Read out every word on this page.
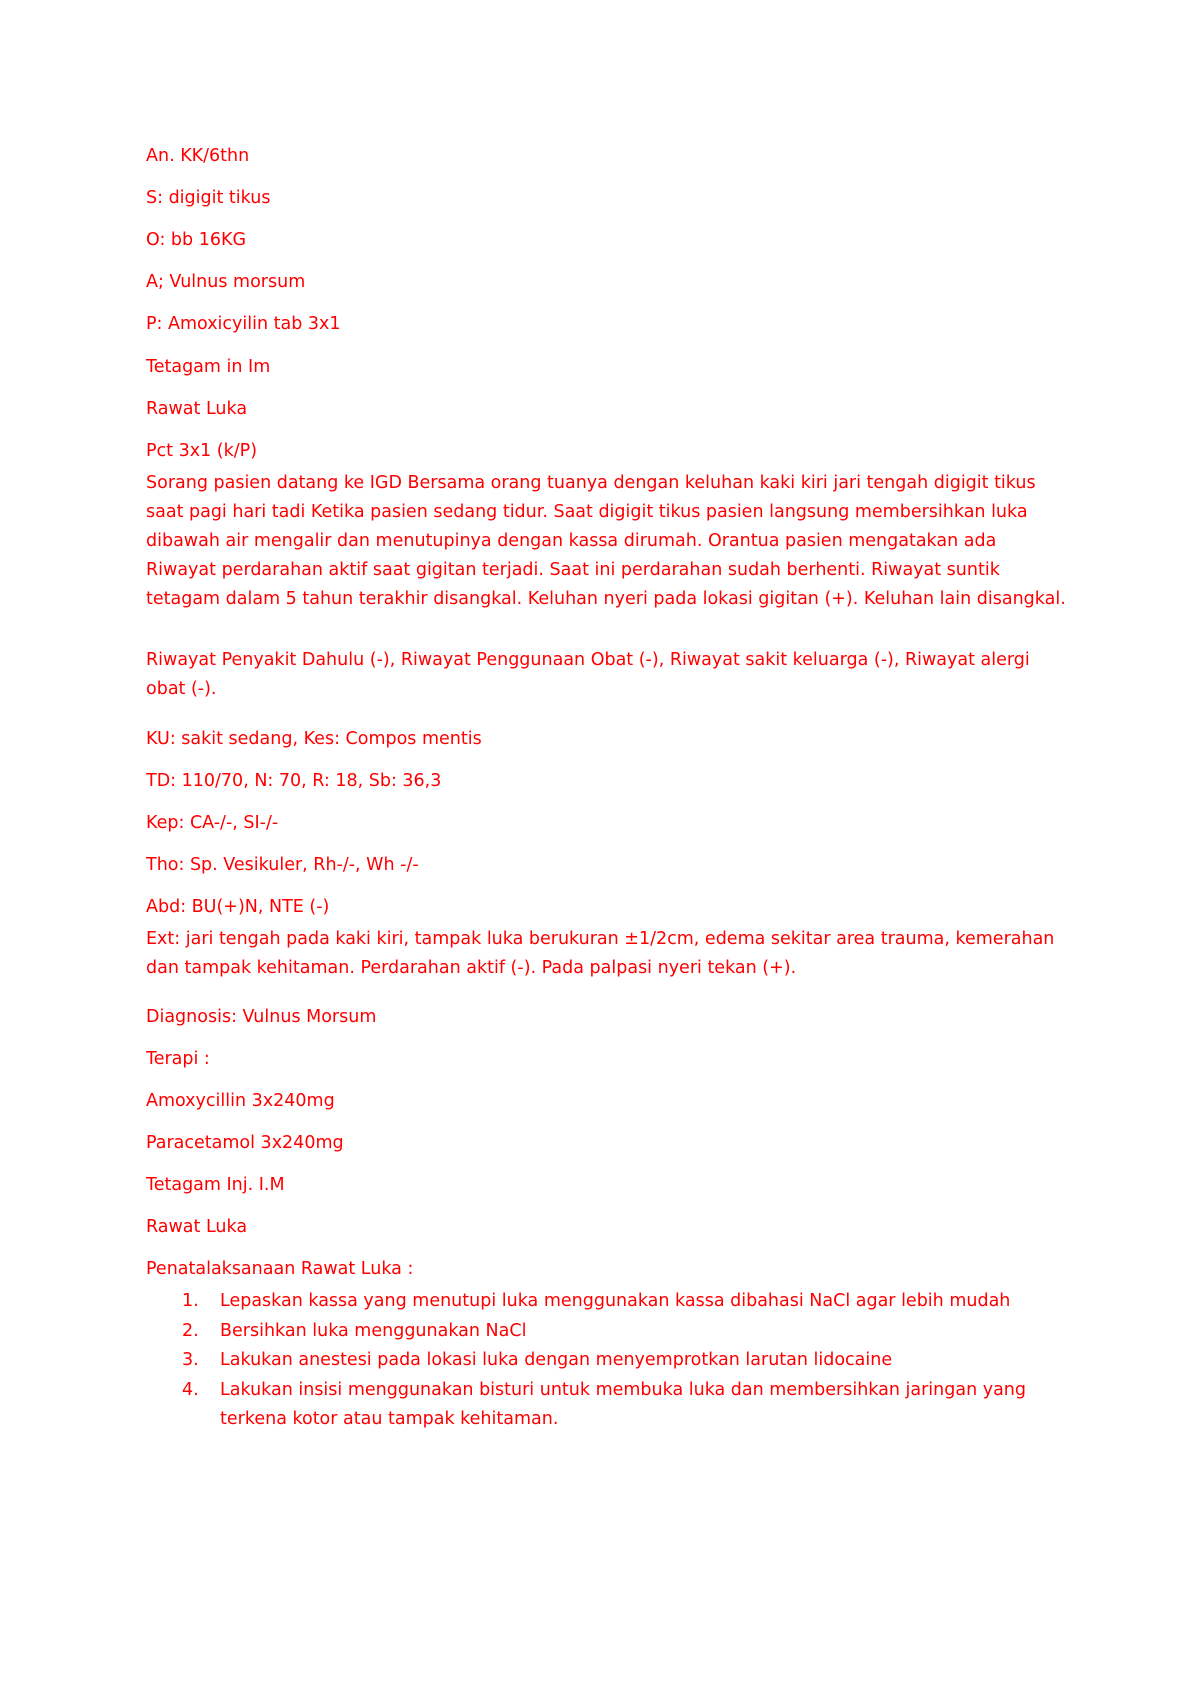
An. KK/6thn
S: digigit tikus
O: bb 16KG
A; Vulnus morsum
P: Amoxicyilin tab 3x1
Tetagam in Im
Rawat Luka
Pct 3x1 (k/P)
Sorang pasien datang ke IGD Bersama orang tuanya dengan keluhan kaki kiri jari tengah digigit tikus saat pagi hari tadi Ketika pasien sedang tidur. Saat digigit tikus pasien langsung membersihkan luka dibawah air mengalir dan menutupinya dengan kassa dirumah. Orantua pasien mengatakan ada Riwayat perdarahan aktif saat gigitan terjadi. Saat ini perdarahan sudah berhenti. Riwayat suntik tetagam dalam 5 tahun terakhir disangkal. Keluhan nyeri pada lokasi gigitan (+). Keluhan lain disangkal.
Riwayat Penyakit Dahulu (-), Riwayat Penggunaan Obat (-), Riwayat sakit keluarga (-), Riwayat alergi obat (-).
KU: sakit sedang, Kes: Compos mentis
TD: 110/70, N: 70, R: 18, Sb: 36,3
Kep: CA-/-, SI-/-
Tho: Sp. Vesikuler, Rh-/-, Wh -/-
Abd: BU(+)N, NTE (-)
Ext: jari tengah pada kaki kiri, tampak luka berukuran ±1/2cm, edema sekitar area trauma, kemerahan dan tampak kehitaman. Perdarahan aktif (-). Pada palpasi nyeri tekan (+).
Diagnosis: Vulnus Morsum
Terapi :
Amoxycillin 3x240mg
Paracetamol 3x240mg
Tetagam Inj. I.M
Rawat Luka
Penatalaksanaan Rawat Luka :
1. Lepaskan kassa yang menutupi luka menggunakan kassa dibahasi NaCl agar lebih mudah
2. Bersihkan luka menggunakan NaCl
3. Lakukan anestesi pada lokasi luka dengan menyemprotkan larutan lidocaine
4. Lakukan insisi menggunakan bisturi untuk membuka luka dan membersihkan jaringan yang terkena kotor atau tampak kehitaman.
